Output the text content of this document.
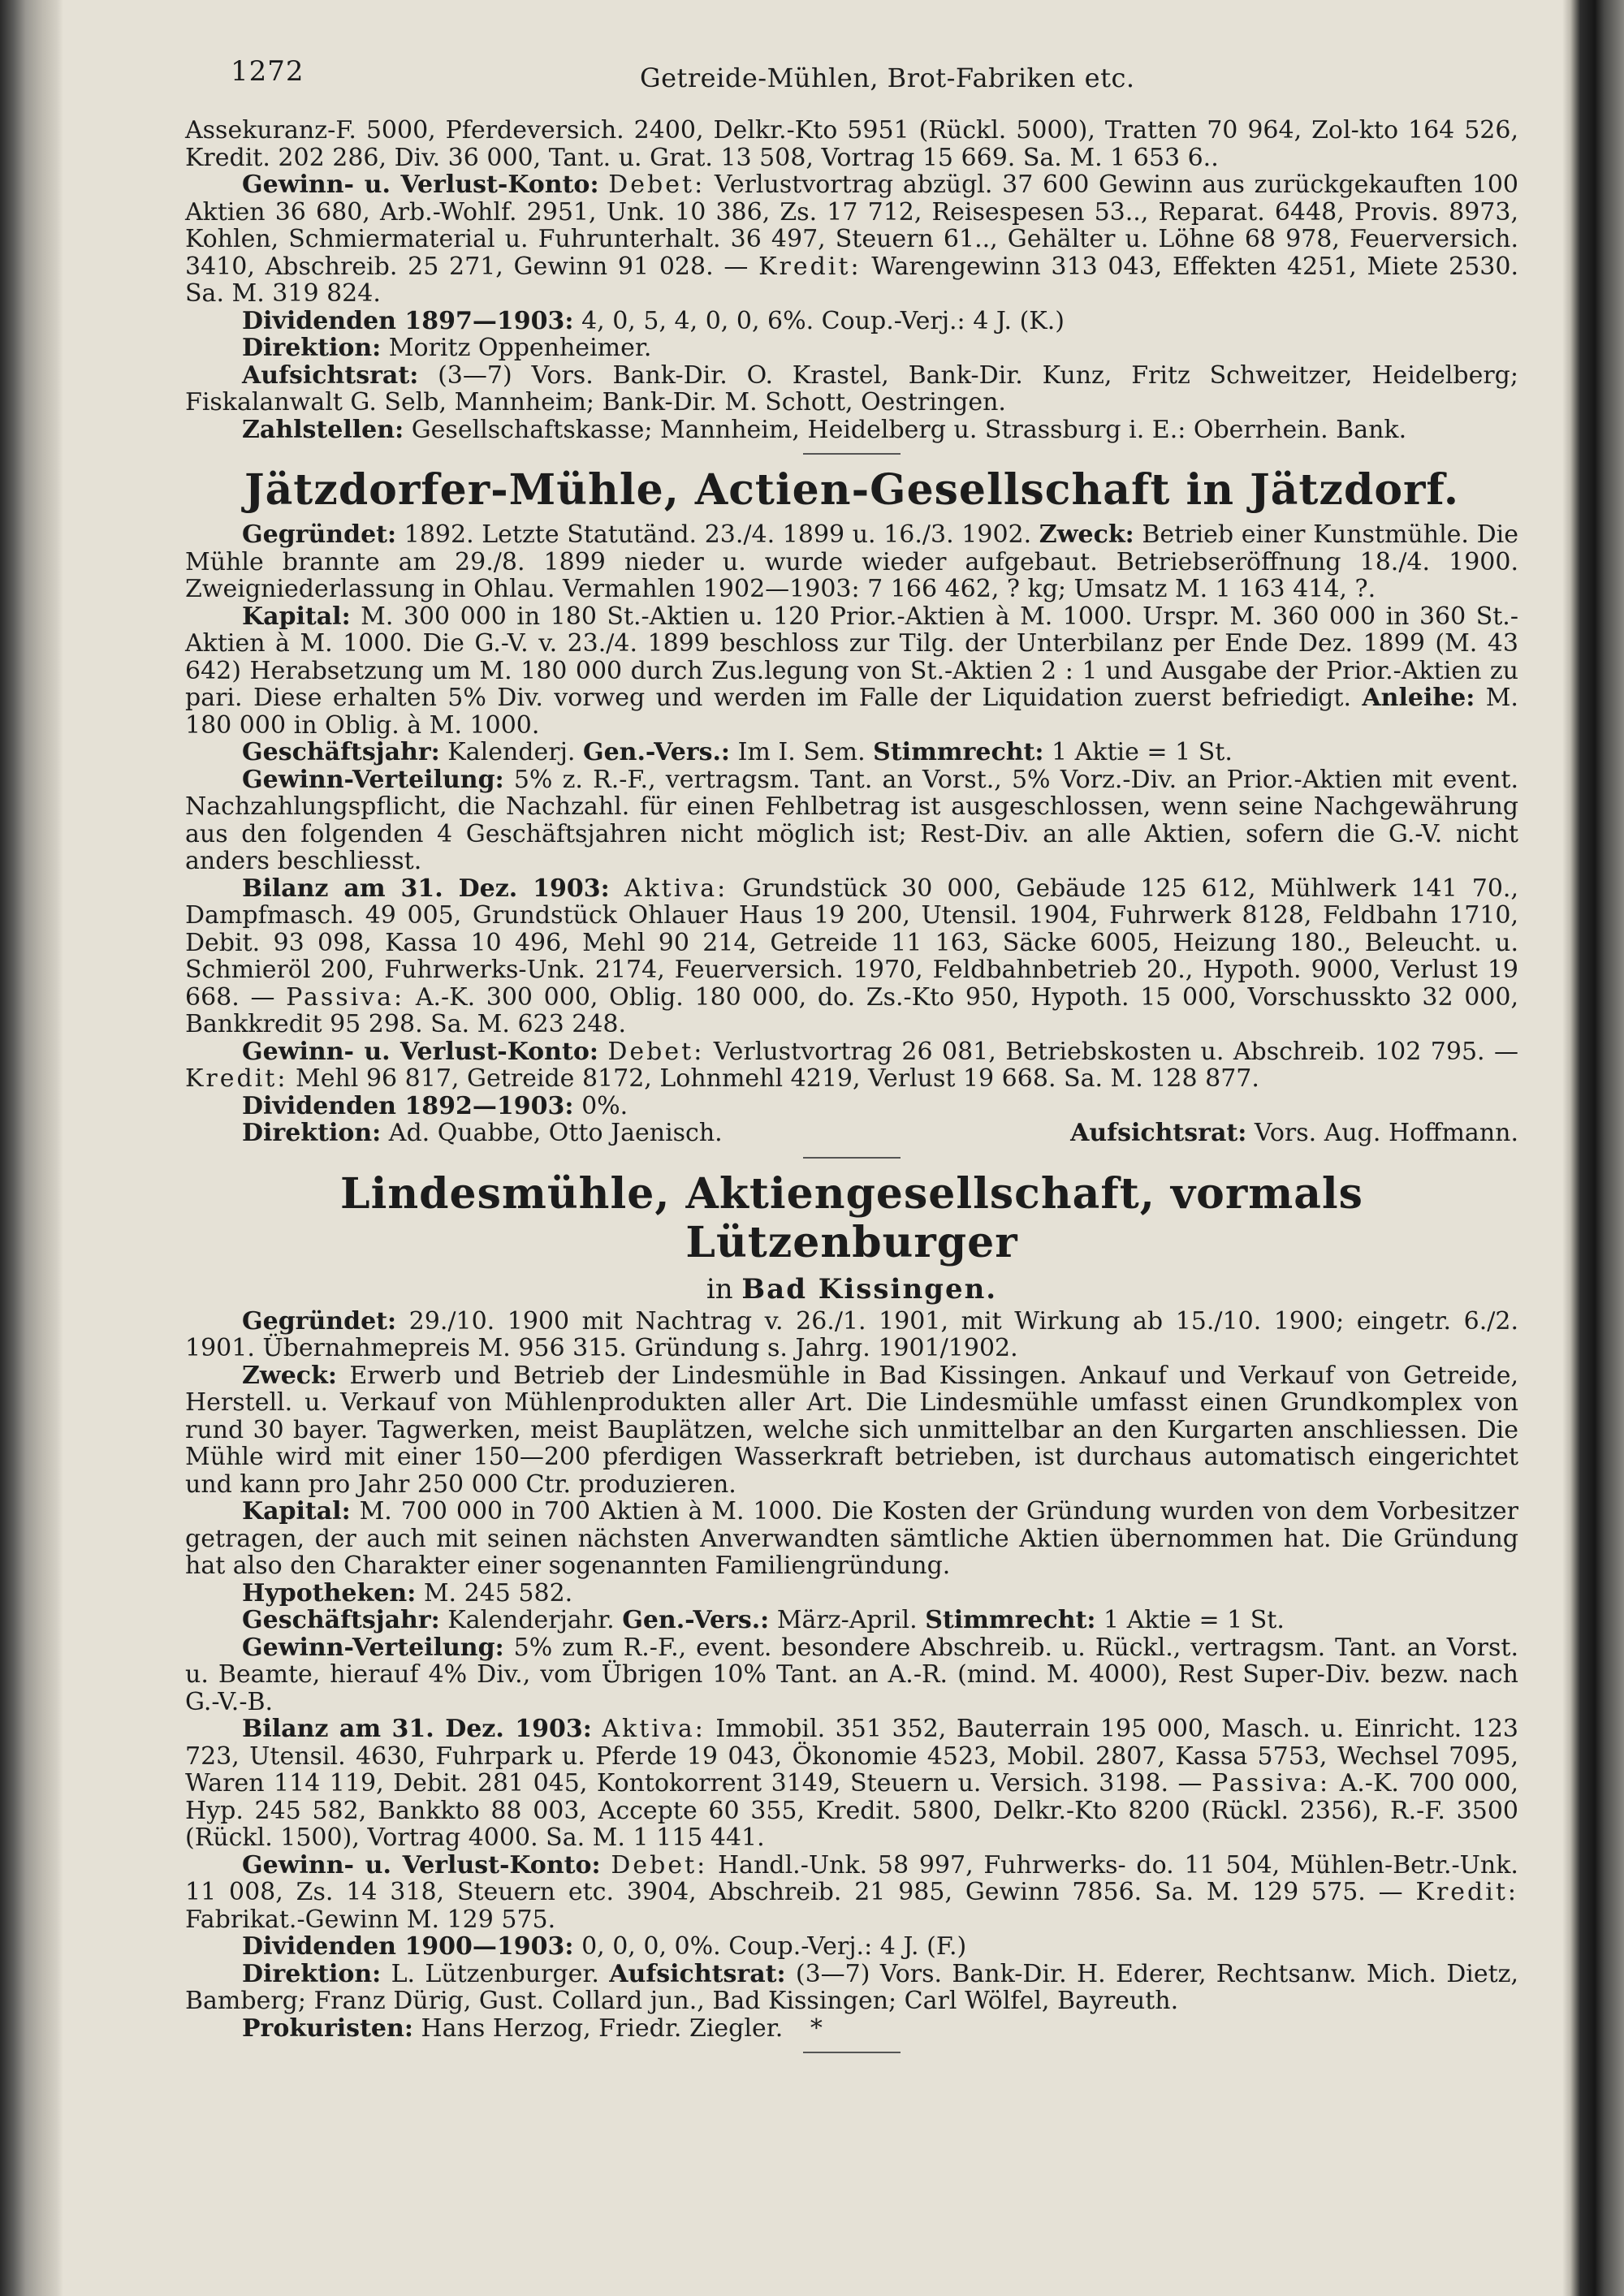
1272	Getreide-Mühlen, Brot-Fabriken etc.

Assekuranz-F. 5000, Pferdeversich. 2400, Delkr.-Kto 5951 (Rückl. 5000), Tratten 70 964, Zol-kto 164 526, Kredit. 202 286, Div. 36 000, Tant. u. Grat. 13 508, Vortrag 15 669. Sa. M. 1 653 6..

Gewinn- u. Verlust-Konto: Debet: Verlustvortrag abzügl. 37 600 Gewinn aus zurückgekauften 100 Aktien 36 680, Arb.-Wohlf. 2951, Unk. 10 386, Zs. 17 712, Reisespesen 53.., Reparat. 6448, Provis. 8973, Kohlen, Schmiermaterial u. Fuhrunterhalt. 36 497, Steuern 61.., Gehälter u. Löhne 68 978, Feuerversich. 3410, Abschreib. 25 271, Gewinn 91 028. — Kredit: Warengewinn 313 043, Effekten 4251, Miete 2530. Sa. M. 319 824.

Dividenden 1897—1903: 4, 0, 5, 4, 0, 0, 6%. Coup.-Verj.: 4 J. (K.)

Direktion: Moritz Oppenheimer.

Aufsichtsrat: (3—7) Vors. Bank-Dir. O. Krastel, Bank-Dir. Kunz, Fritz Schweitzer, Heidelberg; Fiskalanwalt G. Selb, Mannheim; Bank-Dir. M. Schott, Oestringen.

Zahlstellen: Gesellschaftskasse; Mannheim, Heidelberg u. Strassburg i. E.: Oberrhein. Bank.

Jätzdorfer-Mühle, Actien-Gesellschaft in Jätzdorf.

Gegründet: 1892. Letzte Statutänd. 23./4. 1899 u. 16./3. 1902. Zweck: Betrieb einer Kunstmühle. Die Mühle brannte am 29./8. 1899 nieder u. wurde wieder aufgebaut. Betriebseröffnung 18./4. 1900. Zweigniederlassung in Ohlau. Vermahlen 1902—1903: 7 166 462, ? kg; Umsatz M. 1 163 414, ?.

Kapital: M. 300 000 in 180 St.-Aktien u. 120 Prior.-Aktien à M. 1000. Urspr. M. 360 000 in 360 St.-Aktien à M. 1000. Die G.-V. v. 23./4. 1899 beschloss zur Tilg. der Unterbilanz per Ende Dez. 1899 (M. 43 642) Herabsetzung um M. 180 000 durch Zus.legung von St.-Aktien 2 : 1 und Ausgabe der Prior.-Aktien zu pari. Diese erhalten 5% Div. vorweg und werden im Falle der Liquidation zuerst befriedigt. Anleihe: M. 180 000 in Oblig. à M. 1000.

Geschäftsjahr: Kalenderj. Gen.-Vers.: Im I. Sem. Stimmrecht: 1 Aktie = 1 St.

Gewinn-Verteilung: 5% z. R.-F., vertragsm. Tant. an Vorst., 5% Vorz.-Div. an Prior.-Aktien mit event. Nachzahlungspflicht, die Nachzahl. für einen Fehlbetrag ist ausgeschlossen, wenn seine Nachgewährung aus den folgenden 4 Geschäftsjahren nicht möglich ist; Rest-Div. an alle Aktien, sofern die G.-V. nicht anders beschliesst.

Bilanz am 31. Dez. 1903: Aktiva: Grundstück 30 000, Gebäude 125 612, Mühlwerk 141 70., Dampfmasch. 49 005, Grundstück Ohlauer Haus 19 200, Utensil. 1904, Fuhrwerk 8128, Feldbahn 1710, Debit. 93 098, Kassa 10 496, Mehl 90 214, Getreide 11 163, Säcke 6005, Heizung 180., Beleucht. u. Schmieröl 200, Fuhrwerks-Unk. 2174, Feuerversich. 1970, Feldbahnbetrieb 20., Hypoth. 9000, Verlust 19 668. — Passiva: A.-K. 300 000, Oblig. 180 000, do. Zs.-Kto 950, Hypoth. 15 000, Vorschusskto 32 000, Bankkredit 95 298. Sa. M. 623 248.

Gewinn- u. Verlust-Konto: Debet: Verlustvortrag 26 081, Betriebskosten u. Abschreib. 102 795. — Kredit: Mehl 96 817, Getreide 8172, Lohnmehl 4219, Verlust 19 668. Sa. M. 128 877.

Dividenden 1892—1903: 0%.

Direktion: Ad. Quabbe, Otto Jaenisch.	Aufsichtsrat: Vors. Aug. Hoffmann.
Lindesmühle, Aktiengesellschaft, vormals Lützenburger
in Bad Kissingen.

Gegründet: 29./10. 1900 mit Nachtrag v. 26./1. 1901, mit Wirkung ab 15./10. 1900; eingetr. 6./2. 1901. Übernahmepreis M. 956 315. Gründung s. Jahrg. 1901/1902.

Zweck: Erwerb und Betrieb der Lindesmühle in Bad Kissingen. Ankauf und Verkauf von Getreide, Herstell. u. Verkauf von Mühlenprodukten aller Art. Die Lindesmühle umfasst einen Grundkomplex von rund 30 bayer. Tagwerken, meist Bauplätzen, welche sich unmittelbar an den Kurgarten anschliessen. Die Mühle wird mit einer 150—200 pferdigen Wasserkraft betrieben, ist durchaus automatisch eingerichtet und kann pro Jahr 250 000 Ctr. produzieren.

Kapital: M. 700 000 in 700 Aktien à M. 1000. Die Kosten der Gründung wurden von dem Vorbesitzer getragen, der auch mit seinen nächsten Anverwandten sämtliche Aktien übernommen hat. Die Gründung hat also den Charakter einer sogenannten Familiengründung.

Hypotheken: M. 245 582.

Geschäftsjahr: Kalenderjahr. Gen.-Vers.: März-April. Stimmrecht: 1 Aktie = 1 St.

Gewinn-Verteilung: 5% zum R.-F., event. besondere Abschreib. u. Rückl., vertragsm. Tant. an Vorst. u. Beamte, hierauf 4% Div., vom Übrigen 10% Tant. an A.-R. (mind. M. 4000), Rest Super-Div. bezw. nach G.-V.-B.

Bilanz am 31. Dez. 1903: Aktiva: Immobil. 351 352, Bauterrain 195 000, Masch. u. Einricht. 123 723, Utensil. 4630, Fuhrpark u. Pferde 19 043, Ökonomie 4523, Mobil. 2807, Kassa 5753, Wechsel 7095, Waren 114 119, Debit. 281 045, Kontokorrent 3149, Steuern u. Versich. 3198. — Passiva: A.-K. 700 000, Hyp. 245 582, Bankkto 88 003, Accepte 60 355, Kredit. 5800, Delkr.-Kto 8200 (Rückl. 2356), R.-F. 3500 (Rückl. 1500), Vortrag 4000. Sa. M. 1 115 441.

Gewinn- u. Verlust-Konto: Debet: Handl.-Unk. 58 997, Fuhrwerks- do. 11 504, Mühlen-Betr.-Unk. 11 008, Zs. 14 318, Steuern etc. 3904, Abschreib. 21 985, Gewinn 7856. Sa. M. 129 575. — Kredit: Fabrikat.-Gewinn M. 129 575.

Dividenden 1900—1903: 0, 0, 0, 0%. Coup.-Verj.: 4 J. (F.)

Direktion: L. Lützenburger. Aufsichtsrat: (3—7) Vors. Bank-Dir. H. Ederer, Rechtsanw. Mich. Dietz, Bamberg; Franz Dürig, Gust. Collard jun., Bad Kissingen; Carl Wölfel, Bayreuth.

Prokuristen: Hans Herzog, Friedr. Ziegler. *
